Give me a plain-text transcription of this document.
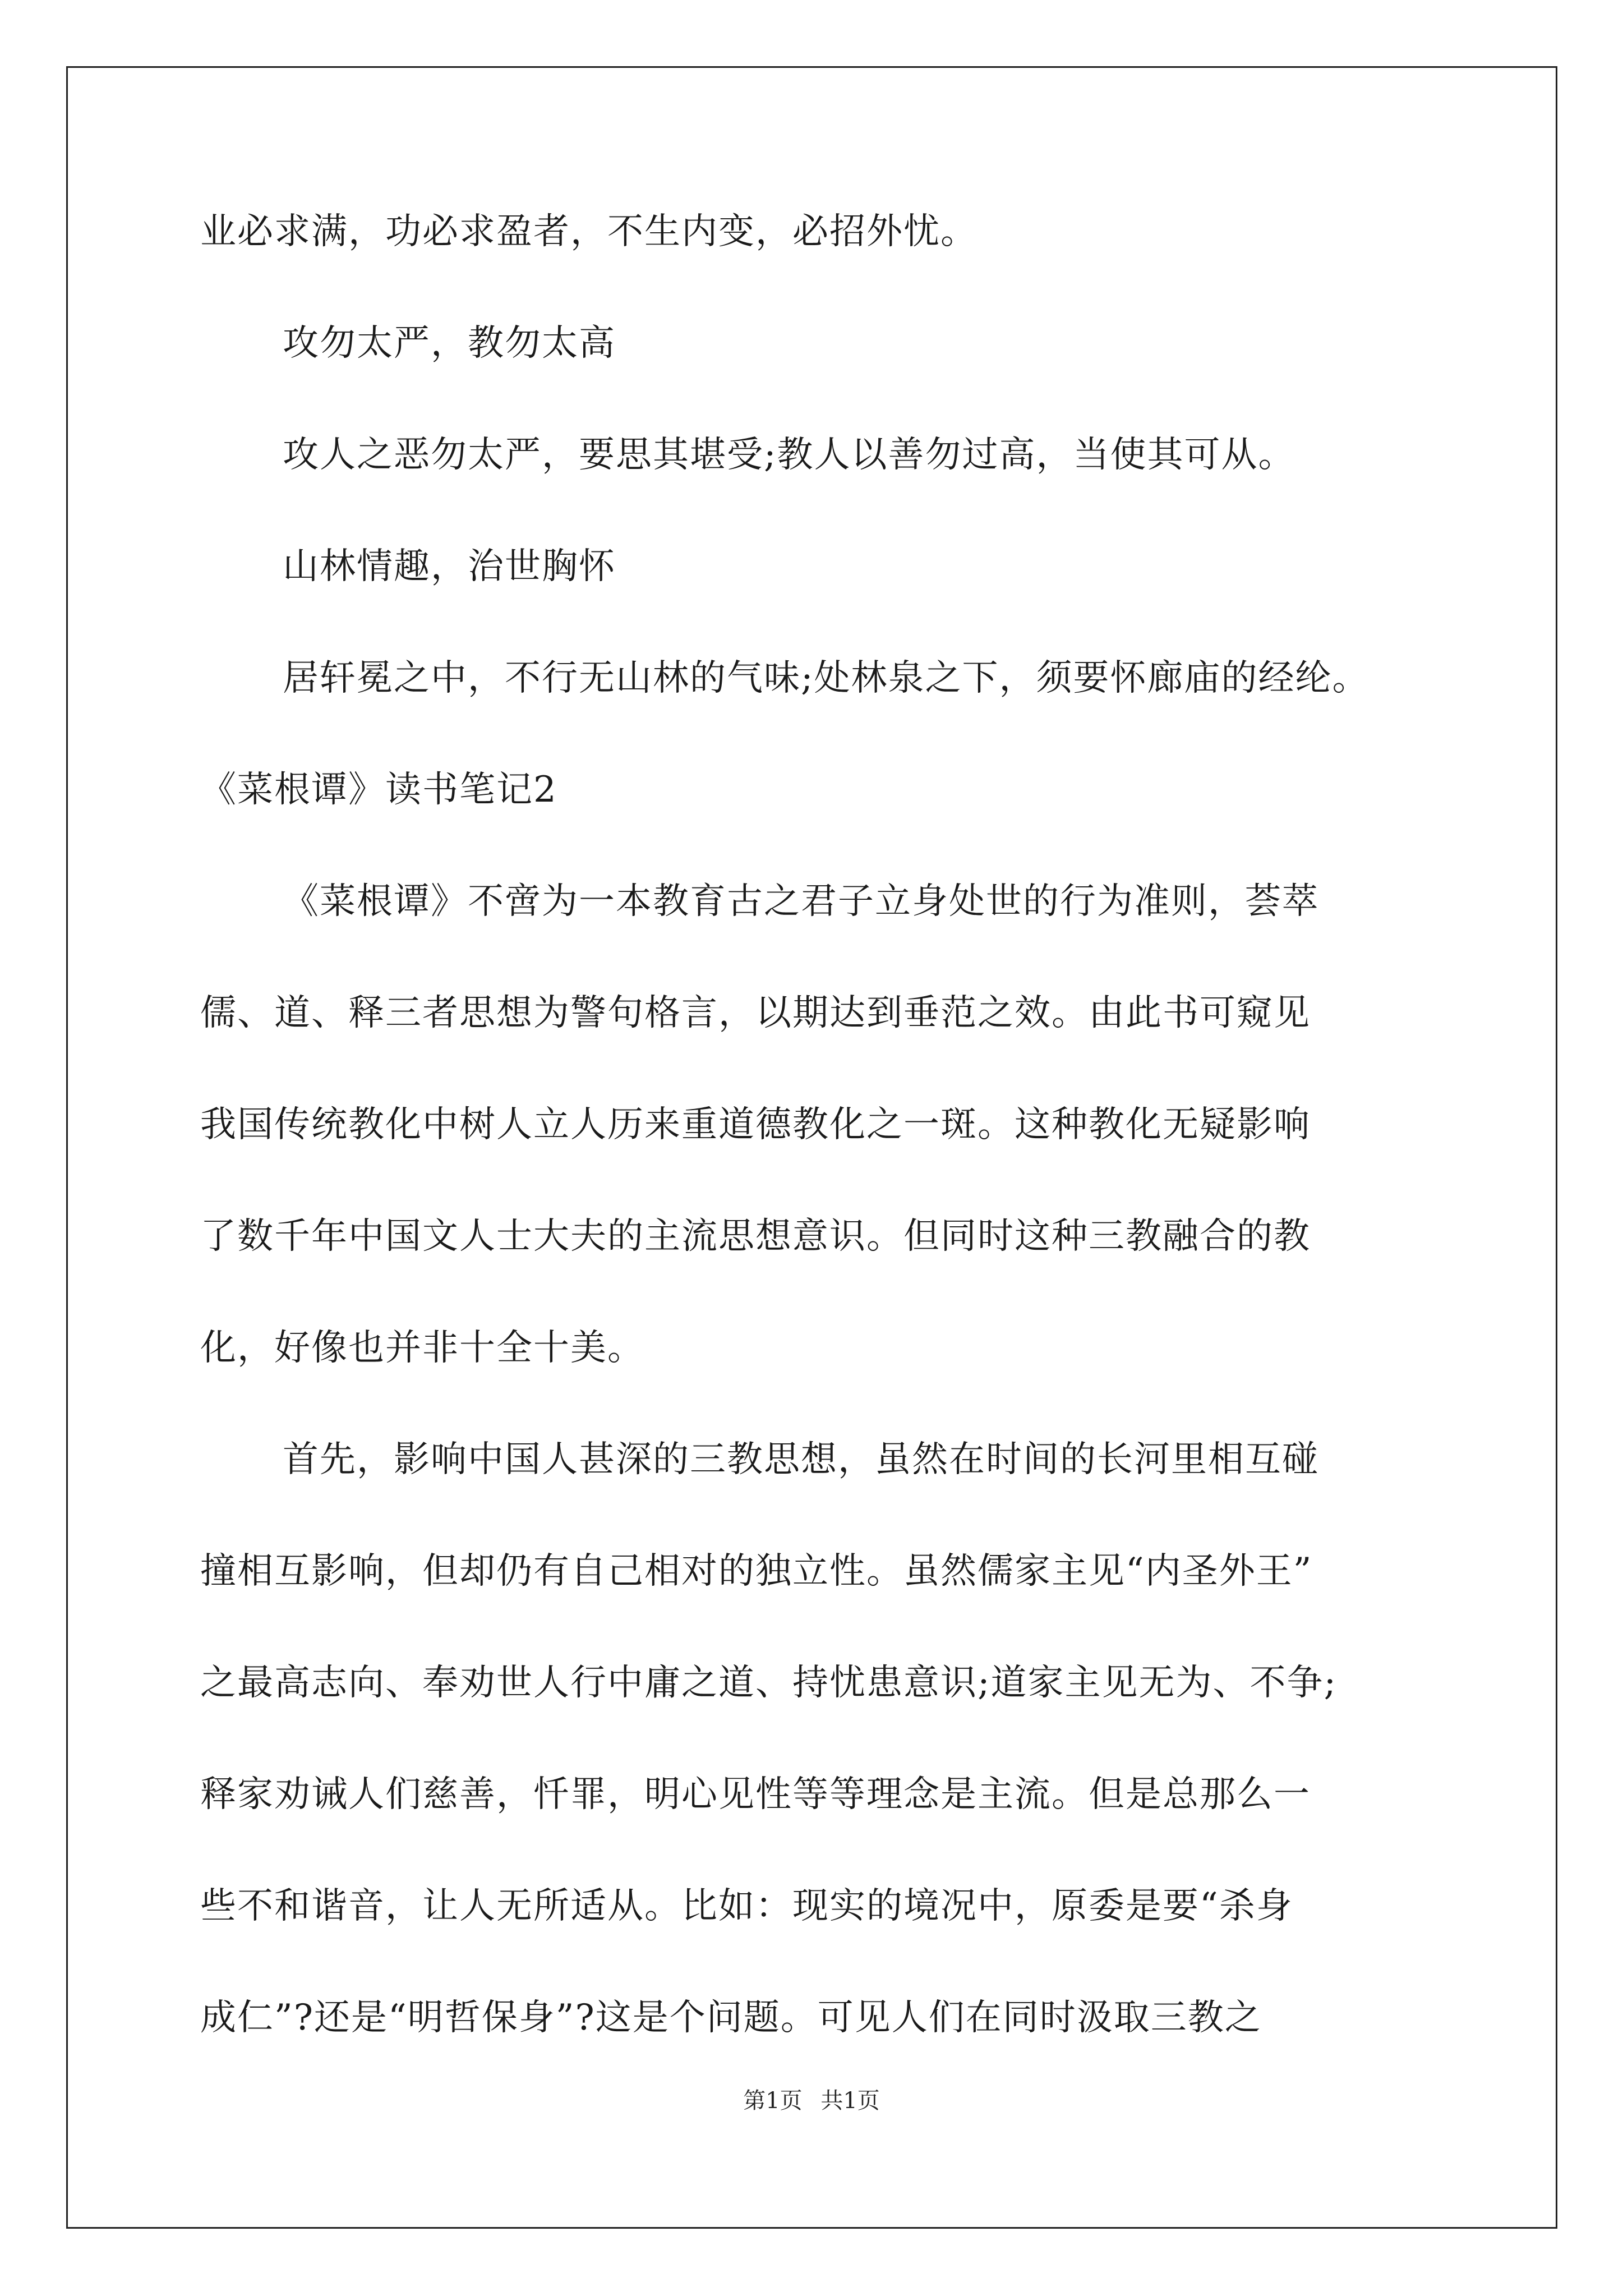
业必求满，功必求盈者，不生内变，必招外忧。
攻勿太严，教勿太高
攻人之恶勿太严，要思其堪受;教人以善勿过高，当使其可从。
山林情趣，治世胸怀
居轩冕之中，不行无山林的气味;处林泉之下，须要怀廊庙的经纶。
《菜根谭》读书笔记2
《菜根谭》不啻为一本教育古之君子立身处世的行为准则，荟萃
儒、道、释三者思想为警句格言，以期达到垂范之效。由此书可窥见
我国传统教化中树人立人历来重道德教化之一斑。这种教化无疑影响
了数千年中国文人士大夫的主流思想意识。但同时这种三教融合的教
化，好像也并非十全十美。
首先，影响中国人甚深的三教思想，虽然在时间的长河里相互碰
撞相互影响，但却仍有自己相对的独立性。虽然儒家主见“内圣外王”
之最高志向、奉劝世人行中庸之道、持忧患意识;道家主见无为、不争;
释家劝诫人们慈善，忏罪，明心见性等等理念是主流。但是总那么一
些不和谐音，让人无所适从。比如：现实的境况中，原委是要“杀身
成仁”?还是“明哲保身”?这是个问题。可见人们在同时汲取三教之
第1页 共1页
